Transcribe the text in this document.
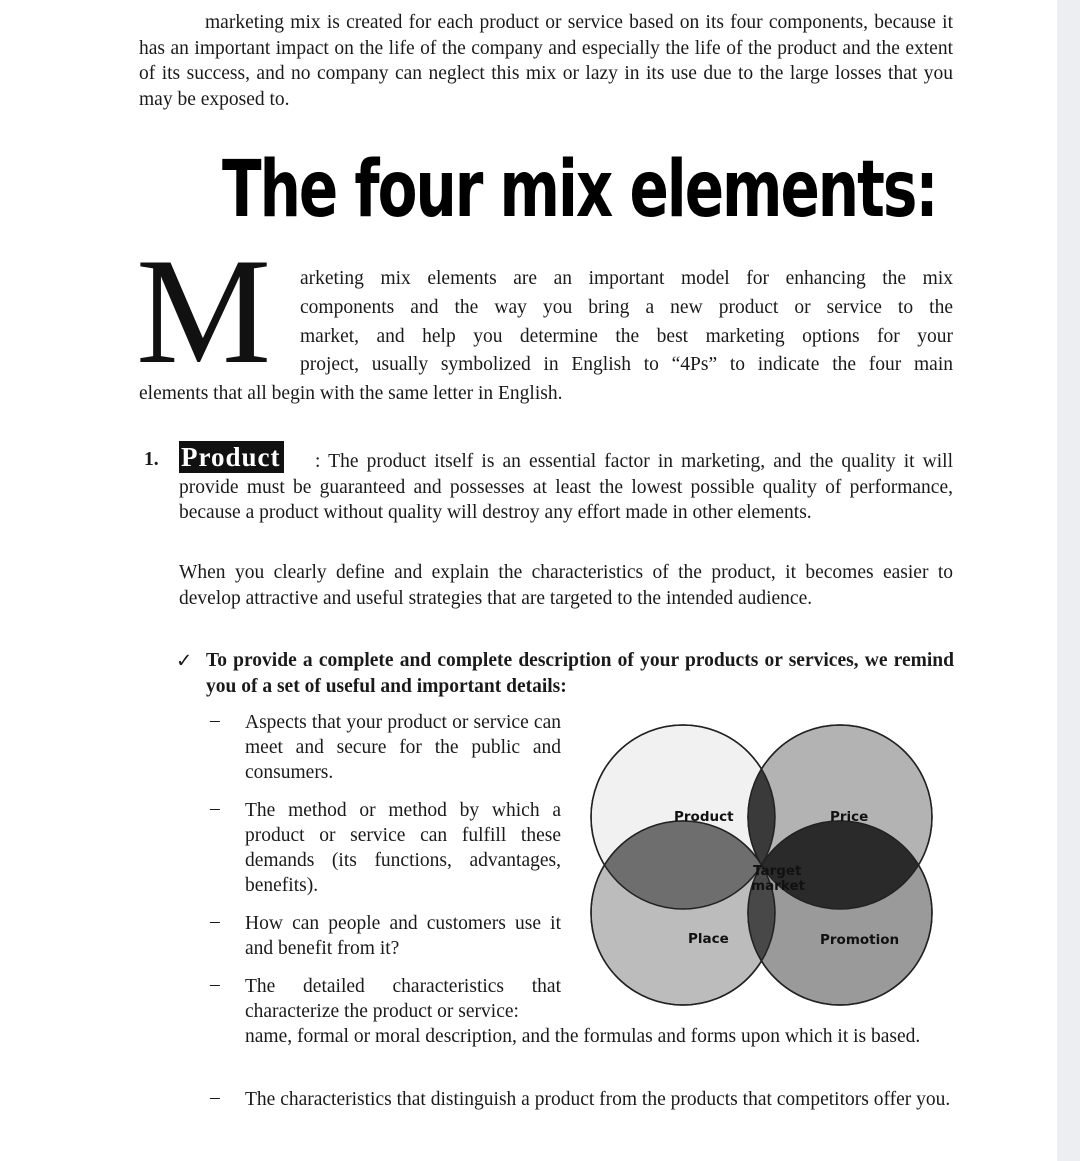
marketing mix is created for each product or service based on its four components, because it has an important impact on the life of the company and especially the life of the product and the extent of its success, and no company can neglect this mix or lazy in its use due to the large losses that you may be exposed to.

The four mix elements:
M arketing mix elements are an important model for enhancing the mix
components and the way you bring a new product or service to the
market, and help you determine the best marketing options for your
project, usually symbolized in English to “4Ps” to indicate the four main
elements that all begin with the same letter in English.
1.	: The product itself is an essential factor in marketing, and the quality it will provide must be guaranteed and possesses at least the lowest possible quality of performance, because a product without quality will destroy any effort made in other elements.

Product

When you clearly define and explain the characteristics of the product, it becomes easier to develop attractive and useful strategies that are targeted to the intended audience.

✓ To provide a complete and complete description of your products or services, we remind you of a set of useful and important details:
– Aspects that your product or service can meet and secure for the public and consumers.

– The method or method by which a product or service can fulfill these demands (its functions, advantages, benefits).

– How can people and customers use it and benefit from it?

– The detailed characteristics that characterize the product or service:

name, formal or moral description, and the formulas and forms upon which it is based.

– The characteristics that distinguish a product from the products that competitors offer you.

Product	Price
Place	Promotion
Target
market
